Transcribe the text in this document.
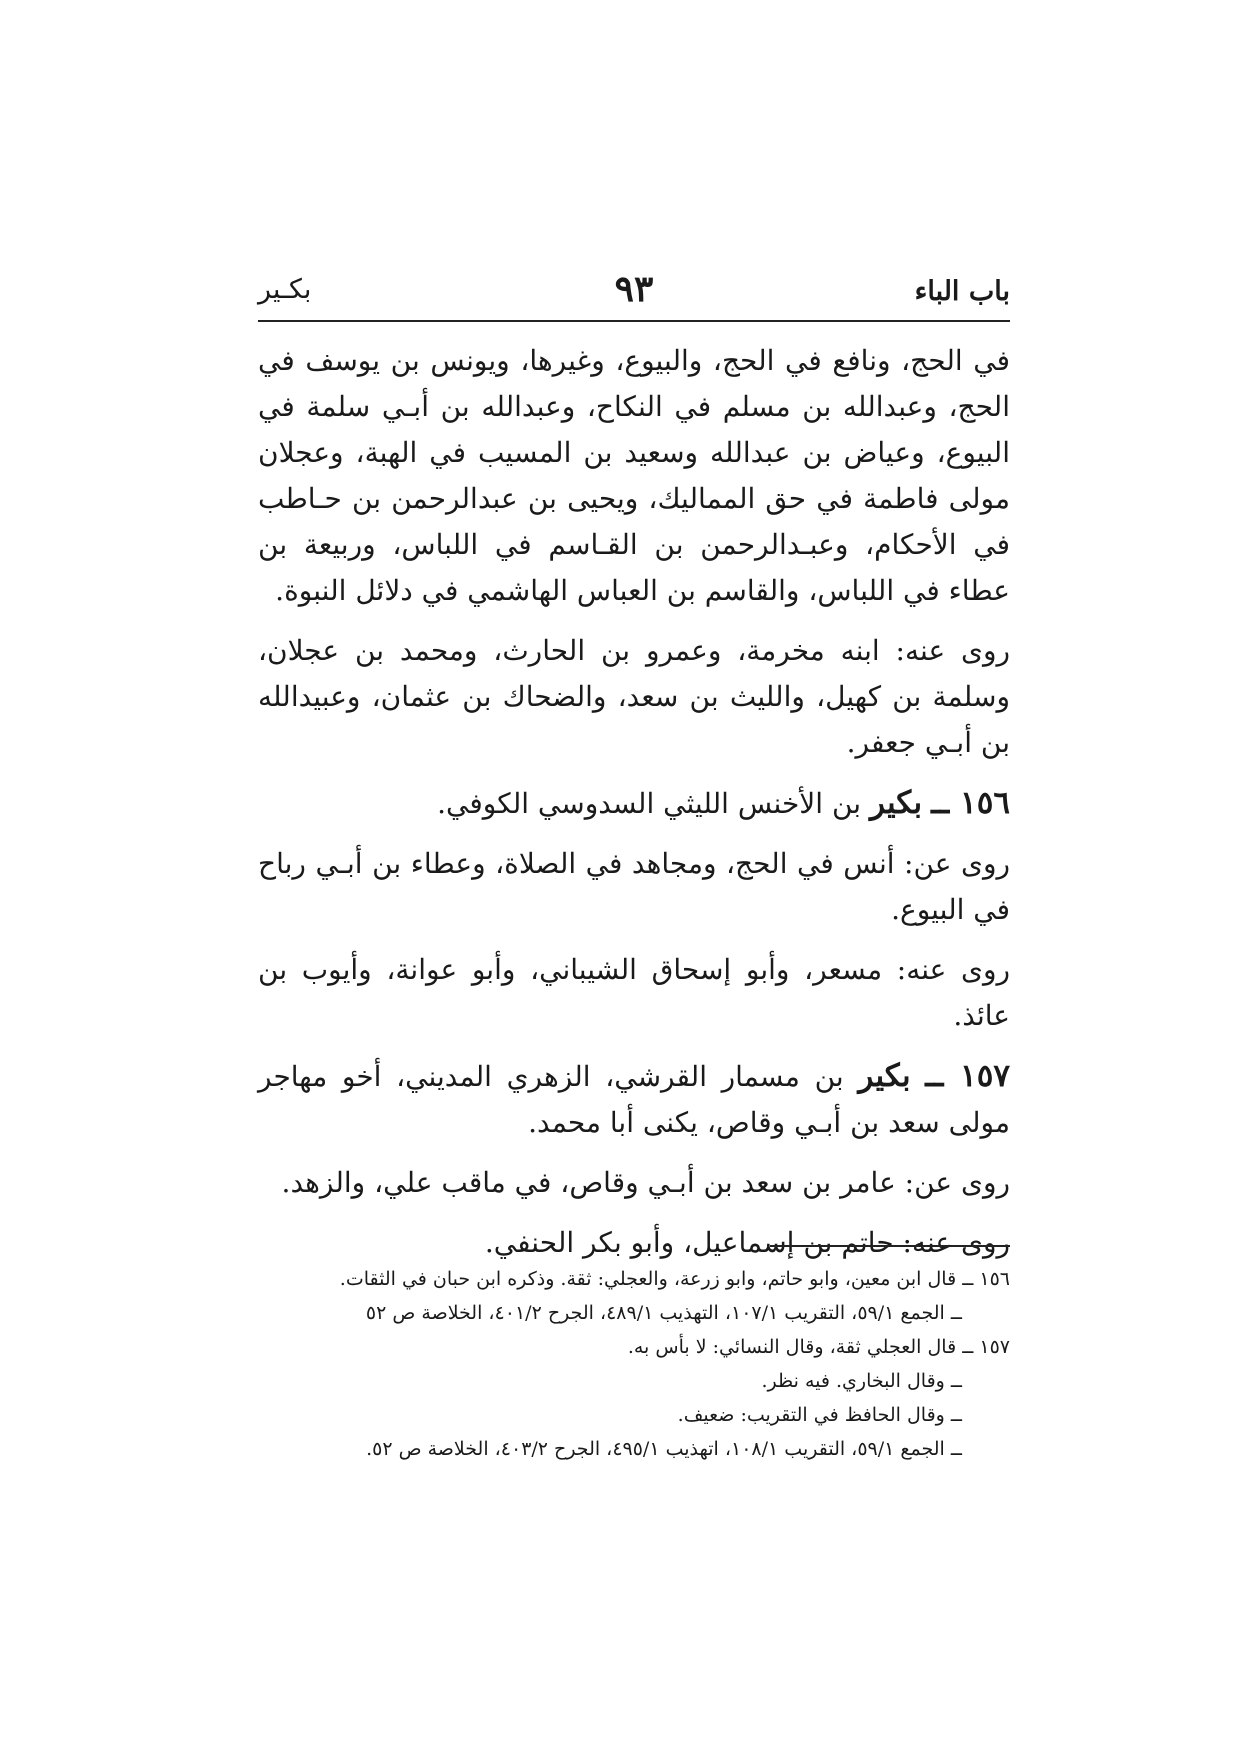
باب الباء
٩٣
بكـير

في الحج، ونافع في الحج، والبيوع، وغيرها، ويونس بن يوسف في الحج، وعبدالله بن مسلم في النكاح، وعبدالله بن أبـي سلمة في البيوع، وعياض بن عبدالله وسعيد بن المسيب في الهبة، وعجلان مولى فاطمة في حق المماليك، ويحيى بن عبدالرحمن بن حـاطب في الأحكام، وعبـدالرحمن بن القـاسم في اللباس، وربيعة بن عطاء في اللباس، والقاسم بن العباس الهاشمي في دلائل النبوة.

روى عنه: ابنه مخرمة، وعمرو بن الحارث، ومحمد بن عجلان، وسلمة بن كهيل، والليث بن سعد، والضحاك بن عثمان، وعبيدالله بن أبـي جعفر.

١٥٦ ــ بكير بن الأخنس الليثي السدوسي الكوفي.

روى عن: أنس في الحج، ومجاهد في الصلاة، وعطاء بن أبـي رباح في البيوع.

روى عنه: مسعر، وأبو إسحاق الشيباني، وأبو عوانة، وأيوب بن عائذ.

١٥٧ ــ بكير بن مسمار القرشي، الزهري المديني، أخو مهاجر مولى سعد بن أبـي وقاص، يكنى أبا محمد.

روى عن: عامر بن سعد بن أبـي وقاص، في ماقب علي، والزهد.

روى عنه: حاتم بن إسماعيل، وأبو بكر الحنفي.

١٥٦ ــ قال ابن معين، وابو حاتم، وابو زرعة، والعجلي: ثقة. وذكره ابن حبان في الثقات.
ــ الجمع ٥٩/١، التقريب ١٠٧/١، التهذيب ٤٨٩/١، الجرح ٤٠١/٢، الخلاصة ص ٥٢
١٥٧ ــ قال العجلي ثقة، وقال النسائي: لا بأس به.
ــ وقال البخاري. فيه نظر.
ــ وقال الحافظ في التقريب: ضعيف.
ــ الجمع ٥٩/١، التقريب ١٠٨/١، اتهذيب ٤٩٥/١، الجرح ٤٠٣/٢، الخلاصة ص ٥٢.
